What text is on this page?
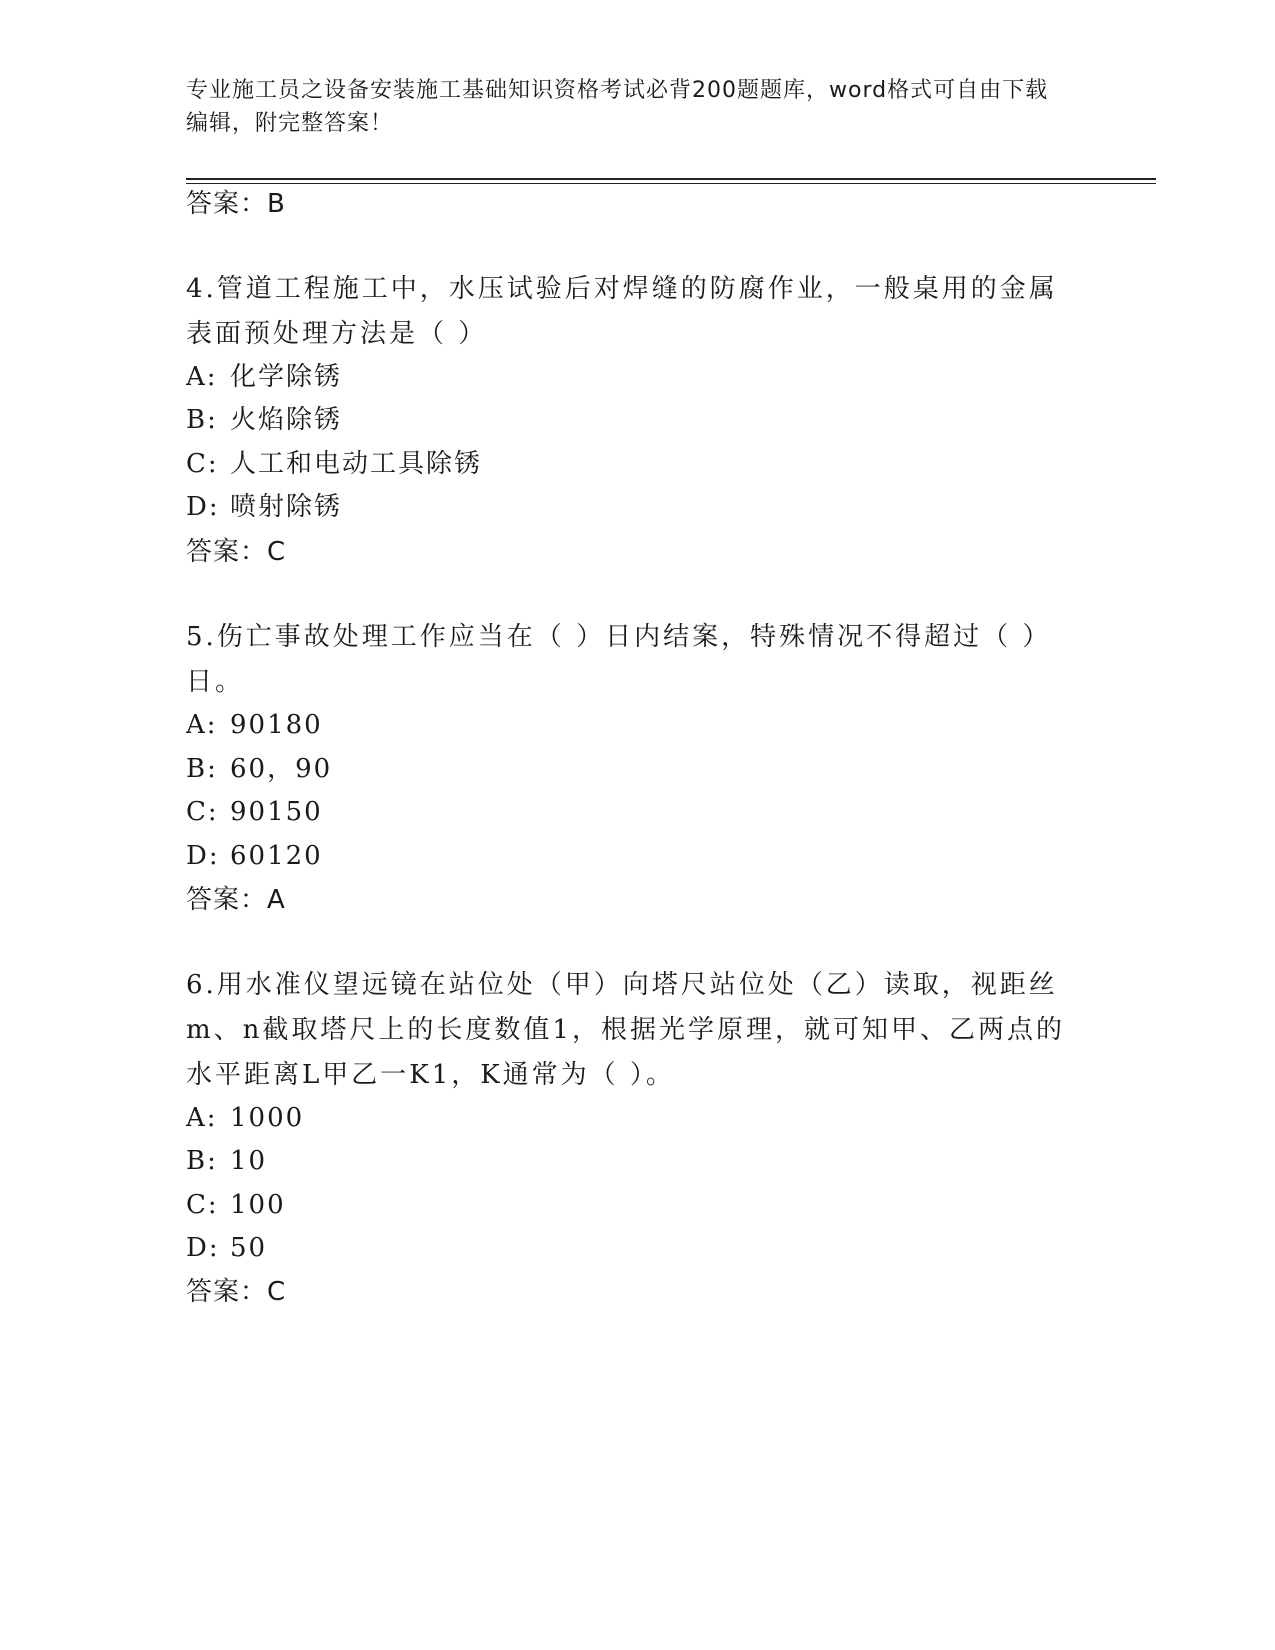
专业施工员之设备安装施工基础知识资格考试必背200题题库，word格式可自由下载编辑，附完整答案！
答案：B
4.管道工程施工中，水压试验后对焊缝的防腐作业，一般桌用的金属表面预处理方法是（ ）
A: 化学除锈
B: 火焰除锈
C: 人工和电动工具除锈
D: 喷射除锈
答案：C
5.伤亡事故处理工作应当在（ ）日内结案，特殊情况不得超过（ ）日。
A: 90180
B: 60，90
C: 90150
D: 60120
答案：A
6.用水准仪望远镜在站位处（甲）向塔尺站位处（乙）读取，视距丝m、n截取塔尺上的长度数值1，根据光学原理，就可知甲、乙两点的水平距离L甲乙一K1，K通常为（ ）。
A: 1000
B: 10
C: 100
D: 50
答案：C
